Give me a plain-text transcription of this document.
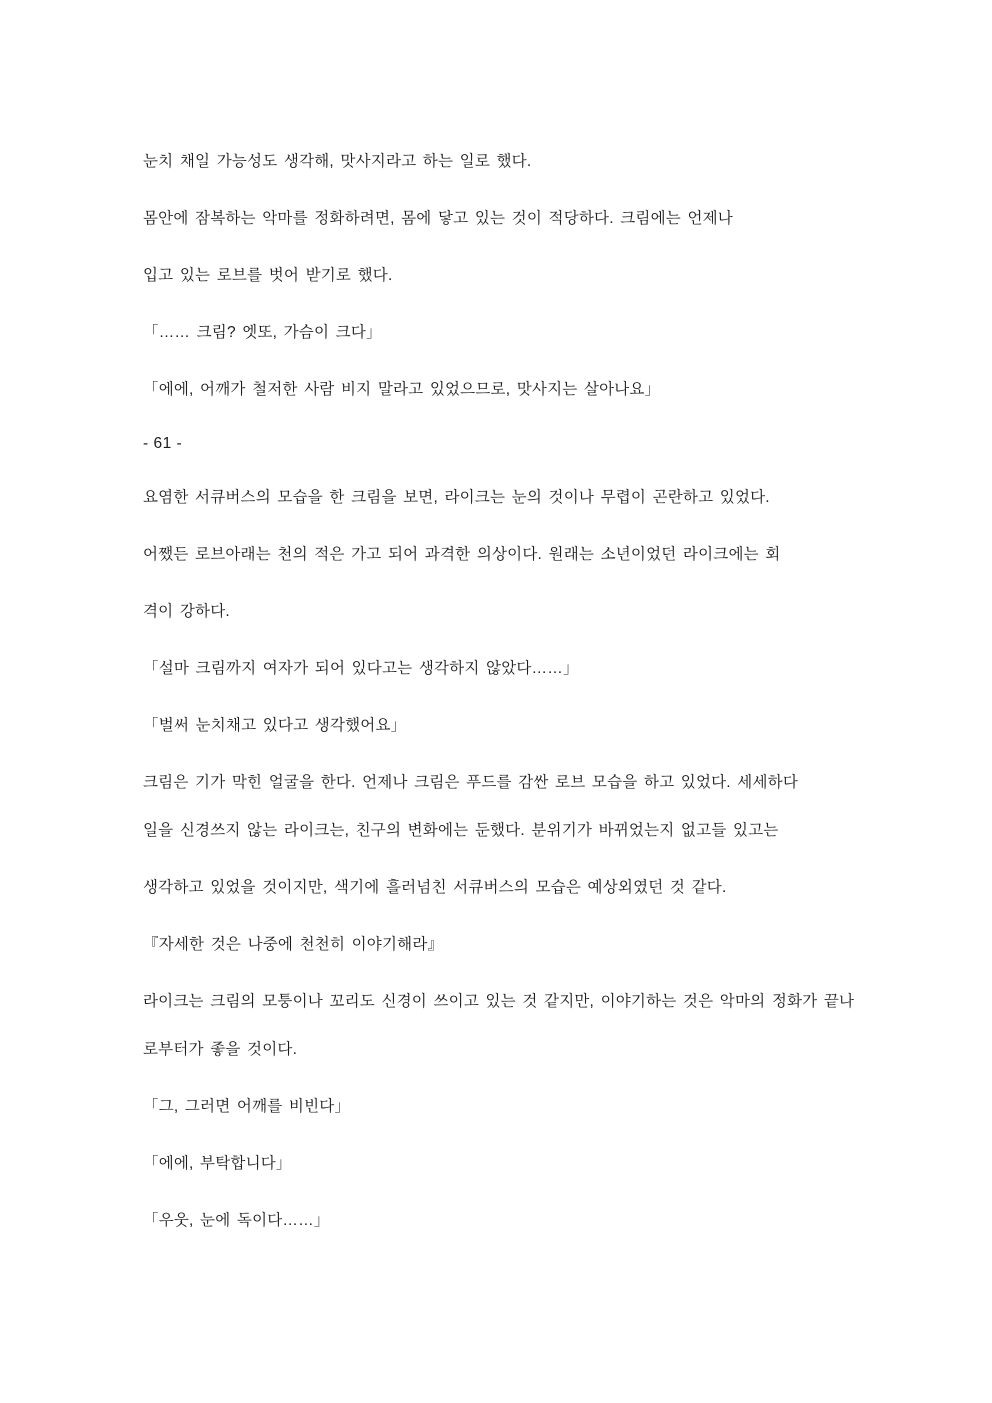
눈치 채일 가능성도 생각해, 맛사지라고 하는 일로 했다.

몸안에 잠복하는 악마를 정화하려면, 몸에 닿고 있는 것이 적당하다. 크림에는 언제나

입고 있는 로브를 벗어 받기로 했다.

「…… 크림? 엣또, 가슴이 크다」

「에에, 어깨가 철저한 사람 비지 말라고 있었으므로, 맛사지는 살아나요」

- 61 -

요염한 서큐버스의 모습을 한 크림을 보면, 라이크는 눈의 것이나 무렵이 곤란하고 있었다.

어쨌든 로브아래는 천의 적은 가고 되어 과격한 의상이다. 원래는 소년이었던 라이크에는 회

격이 강하다.

「설마 크림까지 여자가 되어 있다고는 생각하지 않았다……」

「벌써 눈치채고 있다고 생각했어요」

크림은 기가 막힌 얼굴을 한다. 언제나 크림은 푸드를 감싼 로브 모습을 하고 있었다. 세세하다

일을 신경쓰지 않는 라이크는, 친구의 변화에는 둔했다. 분위기가 바뀌었는지 없고들 있고는

생각하고 있었을 것이지만, 색기에 흘러넘친 서큐버스의 모습은 예상외였던 것 같다.

『자세한 것은 나중에 천천히 이야기해라』

라이크는 크림의 모퉁이나 꼬리도 신경이 쓰이고 있는 것 같지만, 이야기하는 것은 악마의 정화가 끝나

로부터가 좋을 것이다.

「그, 그러면 어깨를 비빈다」

「에에, 부탁합니다」

「우웃, 눈에 독이다……」
